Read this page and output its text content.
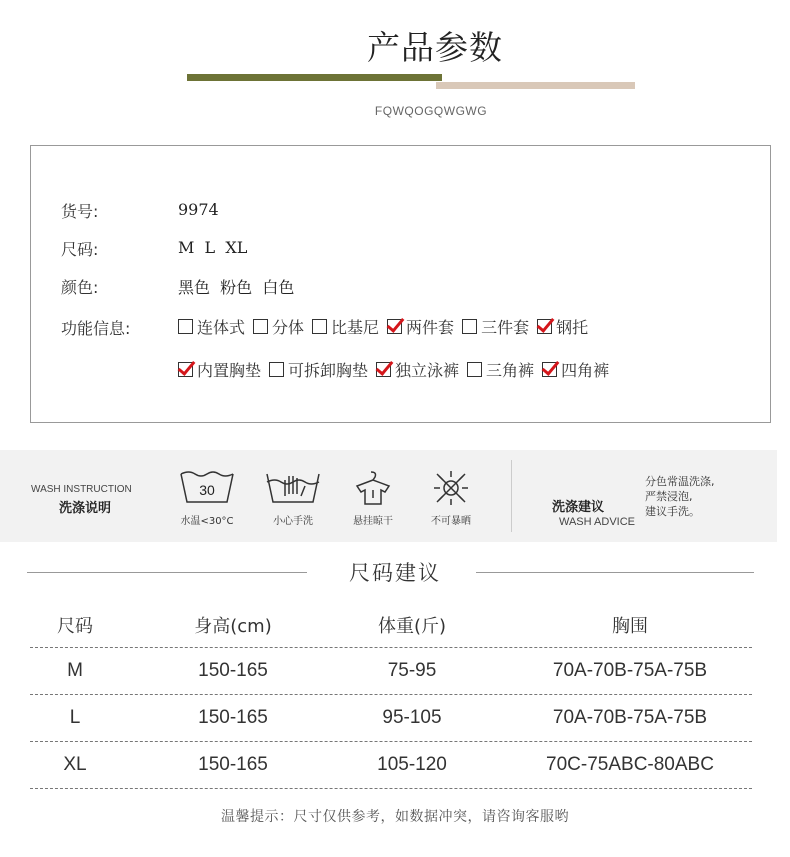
产品参数
FQWQOGQWGWG
货号:	9974
尺码:	M  L  XL
颜色:	黑色  粉色  白色
功能信息:	连体式 分体 比基尼 两件套 三件套 钢托
内置胸垫 可拆卸胸垫 独立泳裤 三角裤 四角裤
WASH INSTRUCTION
洗涤说明
30
水温<30°C	小心手洗	悬挂晾干	不可暴晒
洗涤建议
WASH ADVICE
分色常温洗涤,
严禁浸泡,
建议手洗。
尺码建议
尺码	身高(cm)	体重(斤)	胸围
M	150-165	75-95	70A-70B-75A-75B
L	150-165	95-105	70A-70B-75A-75B
XL	150-165	105-120	70C-75ABC-80ABC
温馨提示：尺寸仅供参考，如数据冲突，请咨询客服哟
